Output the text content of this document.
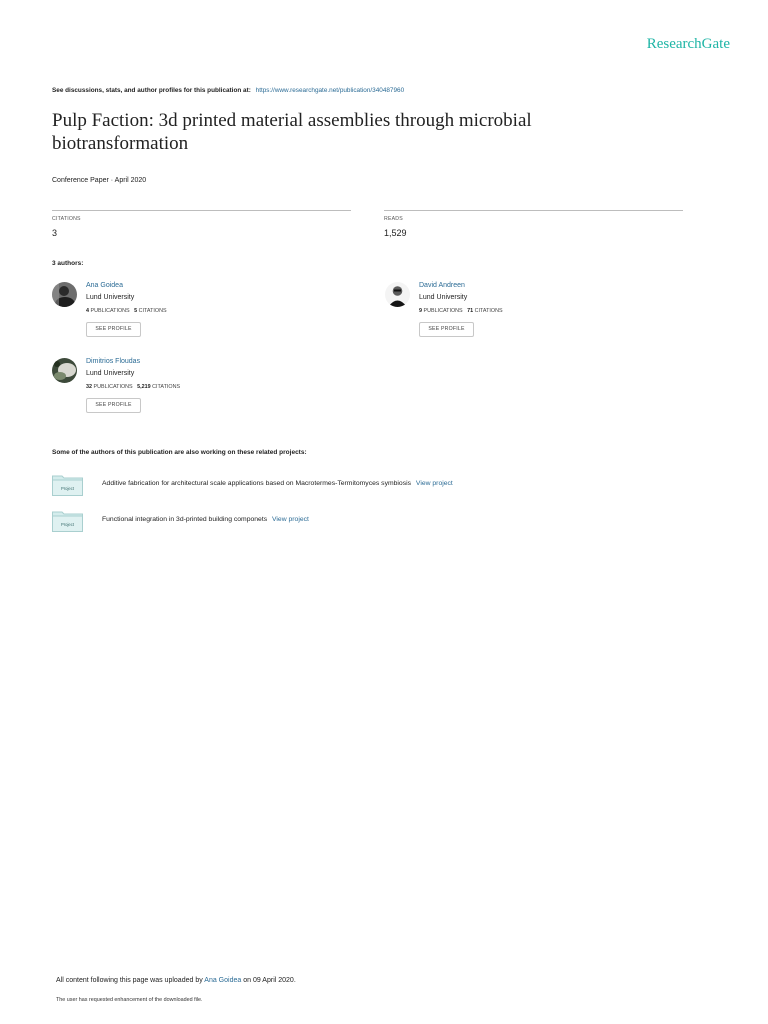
ResearchGate
See discussions, stats, and author profiles for this publication at: https://www.researchgate.net/publication/340487960
Pulp Faction: 3d printed material assemblies through microbial
biotransformation
Conference Paper · April 2020
CITATIONS
3
READS
1,529
3 authors:
Ana Goidea
Lund University
4 PUBLICATIONS 5 CITATIONS
SEE PROFILE
David Andreen
Lund University
9 PUBLICATIONS 71 CITATIONS
SEE PROFILE
Dimitrios Floudas
Lund University
32 PUBLICATIONS 5,219 CITATIONS
SEE PROFILE
Some of the authors of this publication are also working on these related projects:
Project
Additive fabrication for architectural scale applications based on Macrotermes-Termitomyces symbiosis View project
Project
Functional integration in 3d-printed building componets View project
All content following this page was uploaded by Ana Goidea on 09 April 2020.
The user has requested enhancement of the downloaded file.
